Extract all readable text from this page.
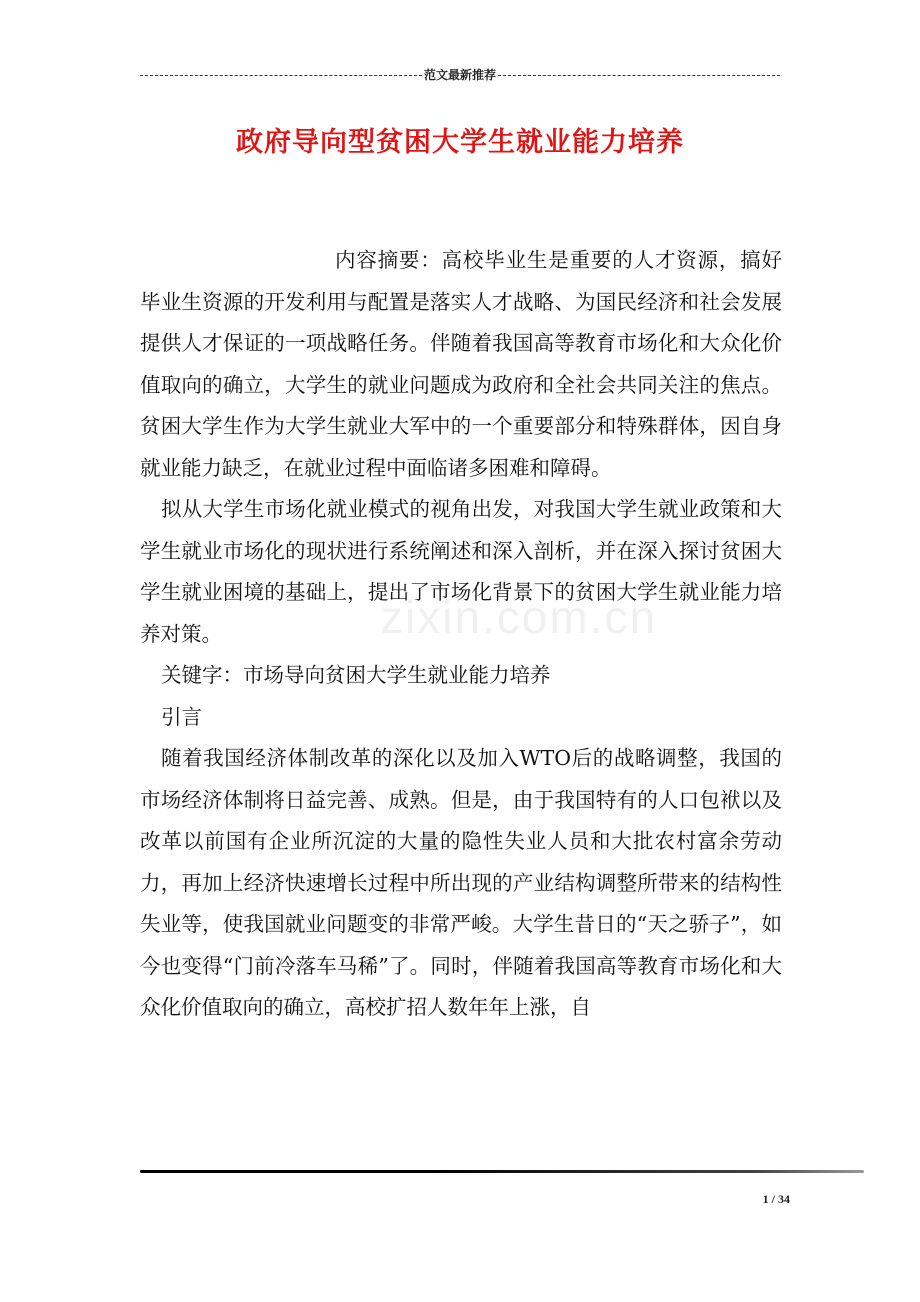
范文最新推荐
政府导向型贫困大学生就业能力培养
zixin.com.cn

内容摘要：高校毕业生是重要的人才资源，搞好毕业生资源的开发利用与配置是落实人才战略、为国民经济和社会发展提供人才保证的一项战略任务。伴随着我国高等教育市场化和大众化价值取向的确立，大学生的就业问题成为政府和全社会共同关注的焦点。贫困大学生作为大学生就业大军中的一个重要部分和特殊群体，因自身就业能力缺乏，在就业过程中面临诸多困难和障碍。

拟从大学生市场化就业模式的视角出发，对我国大学生就业政策和大学生就业市场化的现状进行系统阐述和深入剖析，并在深入探讨贫困大学生就业困境的基础上，提出了市场化背景下的贫困大学生就业能力培养对策。

关键字：市场导向贫困大学生就业能力培养

引言

随着我国经济体制改革的深化以及加入WTO后的战略调整，我国的市场经济体制将日益完善、成熟。但是，由于我国特有的人口包袱以及改革以前国有企业所沉淀的大量的隐性失业人员和大批农村富余劳动力，再加上经济快速增长过程中所出现的产业结构调整所带来的结构性失业等，使我国就业问题变的非常严峻。大学生昔日的“天之骄子”，如今也变得“门前冷落车马稀”了。同时，伴随着我国高等教育市场化和大众化价值取向的确立，高校扩招人数年年上涨，自

1 / 34
